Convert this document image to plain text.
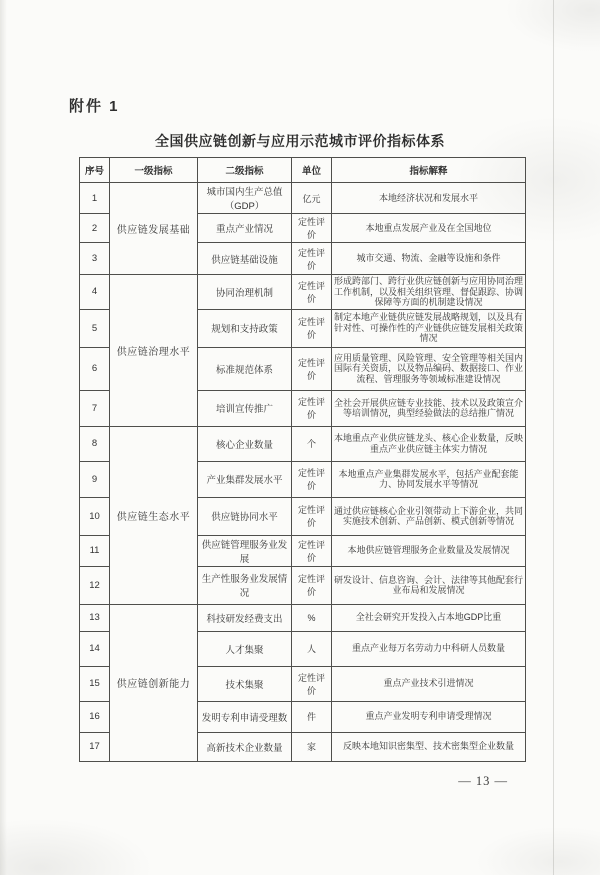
附件 1
全国供应链创新与应用示范城市评价指标体系
序号	一级指标	二级指标	单位	指标解释
1	供应链发展基础	城市国内生产总值（GDP）	亿元	本地经济状况和发展水平
2		重点产业情况	定性评价	本地重点发展产业及在全国地位
3		供应链基础设施	定性评价	城市交通、物流、金融等设施和条件
4	供应链治理水平	协同治理机制	定性评价	形成跨部门、跨行业供应链创新与应用协同治理工作机制，以及相关组织管理、督促跟踪、协调保障等方面的机制建设情况
5		规划和支持政策	定性评价	制定本地产业链供应链发展战略规划，以及具有针对性、可操作性的产业链供应链发展相关政策情况
6		标准规范体系	定性评价	应用质量管理、风险管理、安全管理等相关国内国际有关资质，以及物品编码、数据接口、作业流程、管理服务等领域标准建设情况
7		培训宣传推广	定性评价	全社会开展供应链专业技能、技术以及政策宣介等培训情况，典型经验做法的总结推广情况
8	供应链生态水平	核心企业数量	个	本地重点产业供应链龙头、核心企业数量，反映重点产业供应链主体实力情况
9		产业集群发展水平	定性评价	本地重点产业集群发展水平，包括产业配套能力、协同发展水平等情况
10		供应链协同水平	定性评价	通过供应链核心企业引领带动上下游企业，共同实施技术创新、产品创新、模式创新等情况
11		供应链管理服务业发展	定性评价	本地供应链管理服务企业数量及发展情况
12		生产性服务业发展情况	定性评价	研发设计、信息咨询、会计、法律等其他配套行业布局和发展情况
13	供应链创新能力	科技研发经费支出	%	全社会研究开发投入占本地GDP比重
14		人才集聚	人	重点产业每万名劳动力中科研人员数量
15		技术集聚	定性评价	重点产业技术引进情况
16		发明专利申请受理数	件	重点产业发明专利申请受理情况
17		高新技术企业数量	家	反映本地知识密集型、技术密集型企业数量
— 13 —
